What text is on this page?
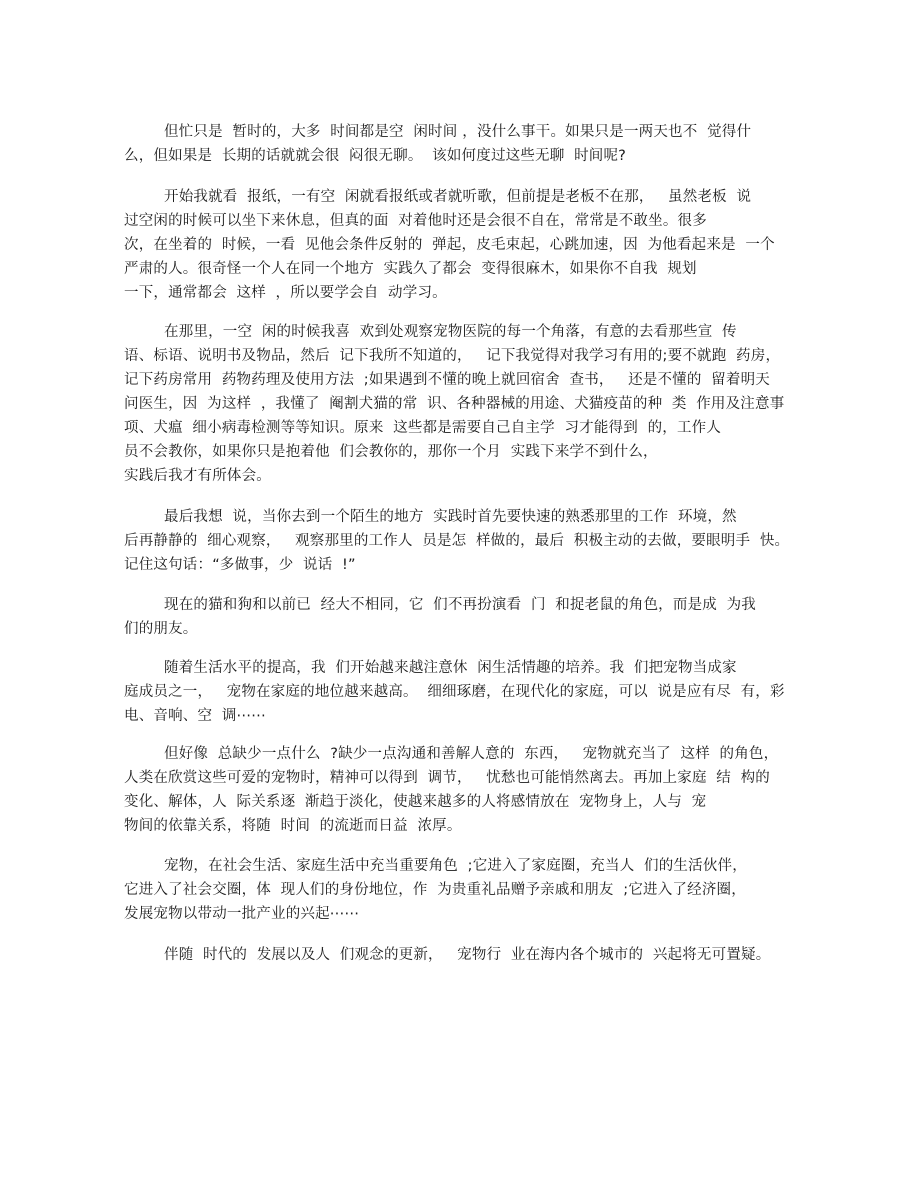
但忙只是  暂时的，大多  时间都是空  闲时间 ，没什么事干。如果只是一两天也不  觉得什
么，但如果是  长期的话就就会很  闷很无聊。  该如何度过这些无聊  时间呢?
开始我就看  报纸，一有空  闲就看报纸或者就听歌，但前提是老板不在那，   虽然老板  说
过空闲的时候可以坐下来休息，但真的面  对着他时还是会很不自在，常常是不敢坐。很多
次，在坐着的  时候，一看  见他会条件反射的  弹起，皮毛束起，心跳加速，因  为他看起来是  一个
严肃的人。很奇怪一个人在同一个地方  实践久了都会  变得很麻木，如果你不自我  规划
一下，通常都会  这样  ，所以要学会自  动学习。
在那里，一空  闲的时候我喜  欢到处观察宠物医院的每一个角落，有意的去看那些宣  传
语、标语、说明书及物品，然后  记下我所不知道的，   记下我觉得对我学习有用的;要不就跑  药房，
记下药房常用  药物药理及使用方法  ;如果遇到不懂的晚上就回宿舍  查书，   还是不懂的  留着明天
问医生，因  为这样  ，我懂了  阉割犬猫的常  识、各种器械的用途、犬猫疫苗的种  类  作用及注意事
项、犬瘟  细小病毒检测等等知识。原来  这些都是需要自己自主学  习才能得到  的，工作人
员不会教你，如果你只是抱着他  们会教你的，那你一个月  实践下来学不到什么，
实践后我才有所体会。
最后我想  说，当你去到一个陌生的地方  实践时首先要快速的熟悉那里的工作  环境，然
后再静静的  细心观察，   观察那里的工作人  员是怎  样做的，最后  积极主动的去做，要眼明手  快。
记住这句话：“多做事，少  说话  !”
现在的猫和狗和以前已  经大不相同，它  们不再扮演看  门  和捉老鼠的角色，而是成  为我
们的朋友。
随着生活水平的提高，我  们开始越来越注意休  闲生活情趣的培养。我  们把宠物当成家
庭成员之一，   宠物在家庭的地位越来越高。  细细琢磨，在现代化的家庭，可以  说是应有尽  有，彩
电、音响、空  调⋯⋯
但好像  总缺少一点什么  ?缺少一点沟通和善解人意的  东西，   宠物就充当了  这样  的角色，
人类在欣赏这些可爱的宠物时，精神可以得到  调节，   忧愁也可能悄然离去。再加上家庭  结  构的
变化、解体，人  际关系逐  渐趋于淡化，使越来越多的人将感情放在  宠物身上，人与  宠
物间的依靠关系，将随  时间  的流逝而日益  浓厚。
宠物，在社会生活、家庭生活中充当重要角色  ;它进入了家庭圈，充当人  们的生活伙伴，
它进入了社会交圈，体  现人们的身份地位，作  为贵重礼品赠予亲戚和朋友  ;它进入了经济圈，
发展宠物以带动一批产业的兴起⋯⋯
伴随  时代的  发展以及人  们观念的更新，   宠物行  业在海内各个城市的  兴起将无可置疑。
